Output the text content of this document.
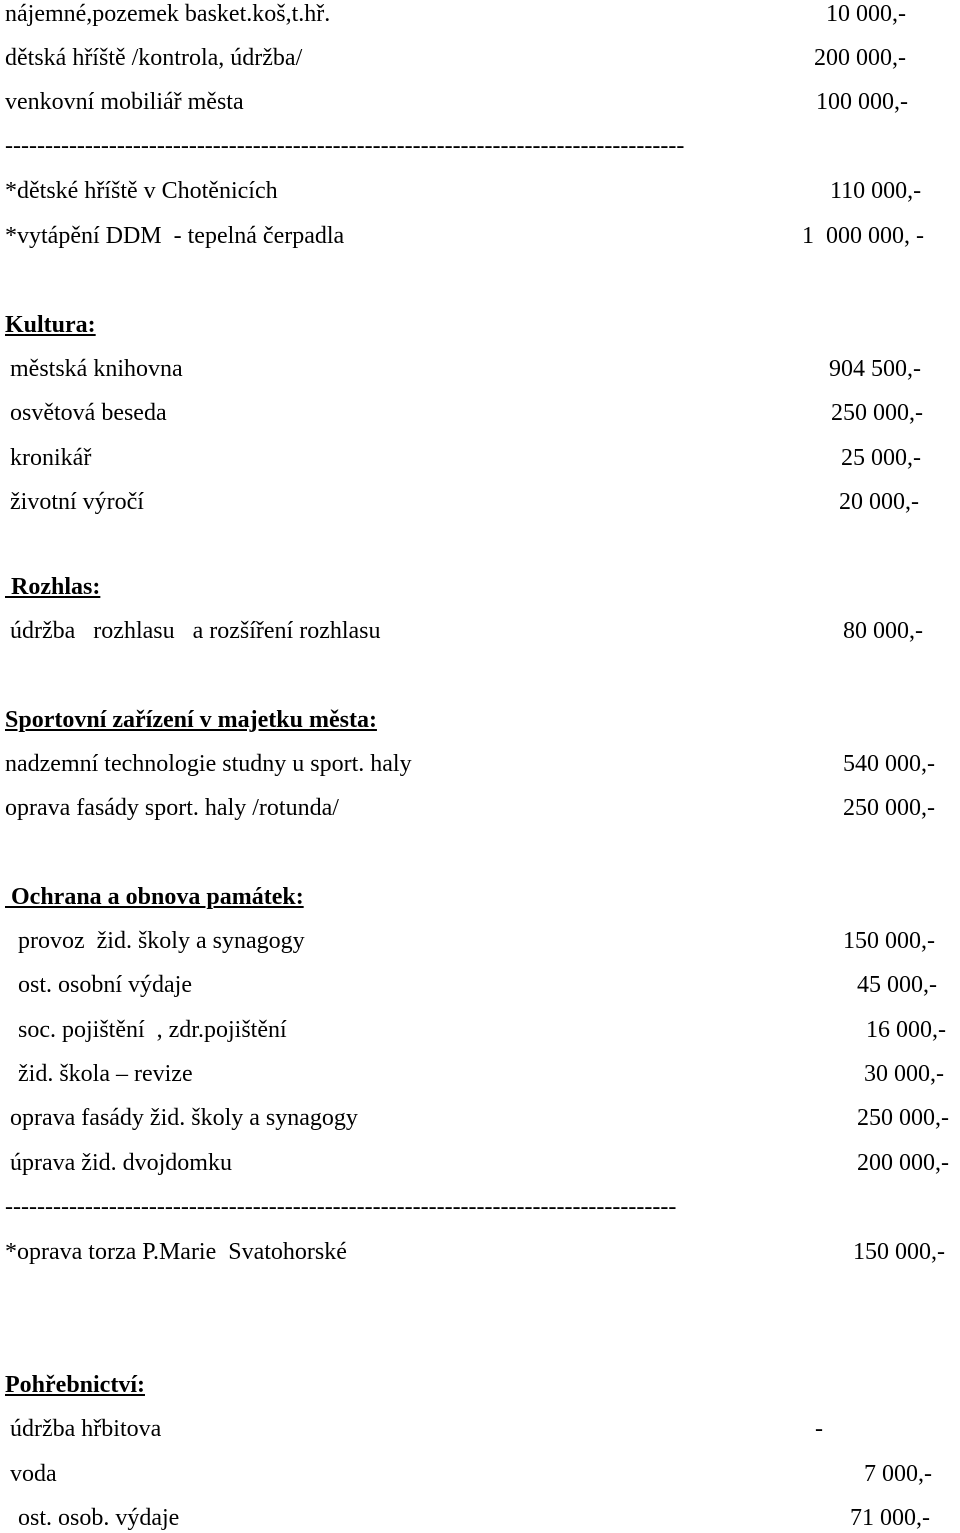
nájemné,pozemek basket.koš,t.hř.	10 000,-
dětská hříště /kontrola, údržba/	200 000,-
venkovní mobiliář města	100 000,-
-------------------------------------------------------------------------------------
*dětské hříště v Chotěnicích	110 000,-
*vytápění DDM  - tepelná čerpadla	1  000 000, -
Kultura:
městská knihovna	904 500,-
osvětová beseda	250 000,-
kronikář	25 000,-
životní výročí	20 000,-
Rozhlas:
údržba   rozhlasu   a rozšíření rozhlasu	80 000,-
Sportovní zařízení v majetku města:
nadzemní technologie studny u sport. haly	540 000,-
oprava fasády sport. haly /rotunda/	250 000,-
Ochrana a obnova památek:
provoz  žid. školy a synagogy	150 000,-
ost. osobní výdaje	45 000,-
soc. pojištění  , zdr.pojištění	16 000,-
žid. škola – revize	30 000,-
oprava fasády žid. školy a synagogy	250 000,-
úprava žid. dvojdomku	200 000,-
------------------------------------------------------------------------------------
*oprava torza P.Marie  Svatohorské	150 000,-
Pohřebnictví:
údržba hřbitova	-
voda	7 000,-
ost. osob. výdaje	71 000,-
